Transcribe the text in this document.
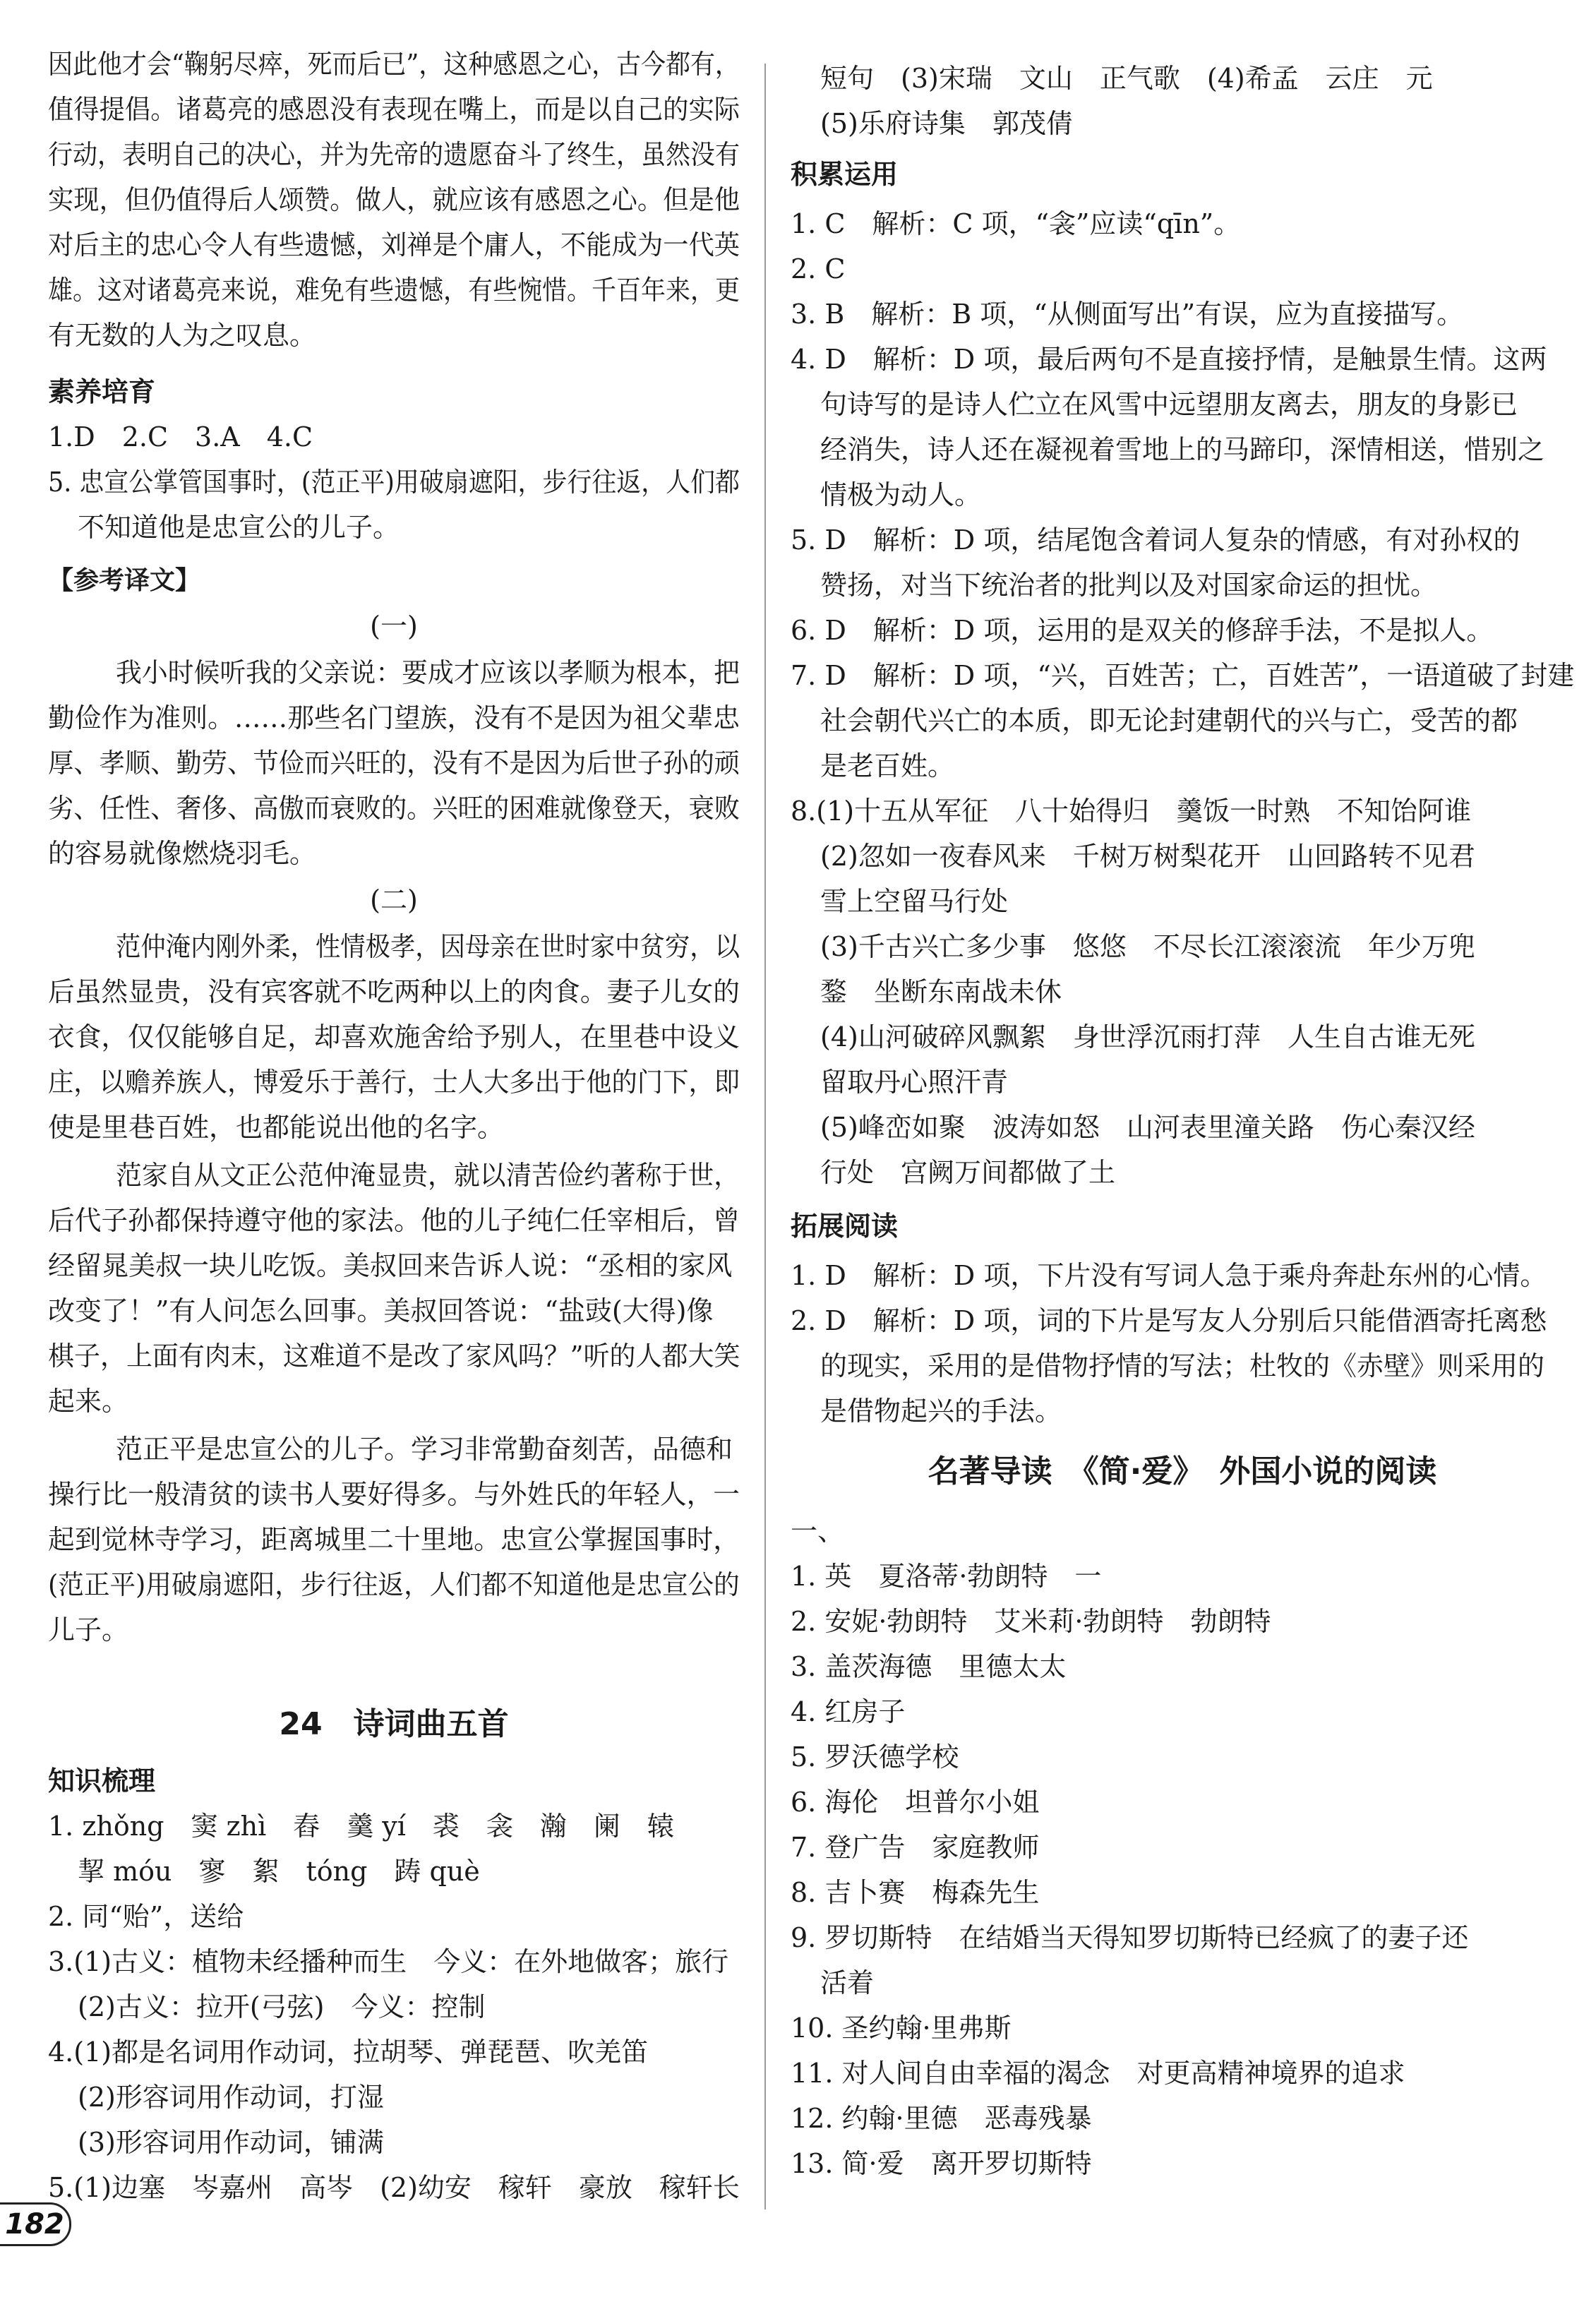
因此他才会“鞠躬尽瘁，死而后已”，这种感恩之心，古今都有，
值得提倡。诸葛亮的感恩没有表现在嘴上，而是以自己的实际
行动，表明自己的决心，并为先帝的遗愿奋斗了终生，虽然没有
实现，但仍值得后人颂赞。做人，就应该有感恩之心。但是他
对后主的忠心令人有些遗憾，刘禅是个庸人，不能成为一代英
雄。这对诸葛亮来说，难免有些遗憾，有些惋惜。千百年来，更
有无数的人为之叹息。
素养培育
1.D　2.C　3.A　4.C
5. 忠宣公掌管国事时，(范正平)用破扇遮阳，步行往返，人们都
不知道他是忠宣公的儿子。
【参考译文】
(一)
我小时候听我的父亲说：要成才应该以孝顺为根本，把
勤俭作为准则。……那些名门望族，没有不是因为祖父辈忠
厚、孝顺、勤劳、节俭而兴旺的，没有不是因为后世子孙的顽
劣、任性、奢侈、高傲而衰败的。兴旺的困难就像登天，衰败
的容易就像燃烧羽毛。
(二)
范仲淹内刚外柔，性情极孝，因母亲在世时家中贫穷，以
后虽然显贵，没有宾客就不吃两种以上的肉食。妻子儿女的
衣食，仅仅能够自足，却喜欢施舍给予别人，在里巷中设义
庄，以赡养族人，博爱乐于善行，士人大多出于他的门下，即
使是里巷百姓，也都能说出他的名字。
范家自从文正公范仲淹显贵，就以清苦俭约著称于世，
后代子孙都保持遵守他的家法。他的儿子纯仁任宰相后，曾
经留晁美叔一块儿吃饭。美叔回来告诉人说：“丞相的家风
改变了！”有人问怎么回事。美叔回答说：“盐豉(大得)像
棋子，上面有肉末，这难道不是改了家风吗？”听的人都大笑
起来。
范正平是忠宣公的儿子。学习非常勤奋刻苦，品德和
操行比一般清贫的读书人要好得多。与外姓氏的年轻人，一
起到觉林寺学习，距离城里二十里地。忠宣公掌握国事时，
(范正平)用破扇遮阳，步行往返，人们都不知道他是忠宣公的
儿子。
24　诗词曲五首
知识梳理
1. zhǒng　窦 zhì　舂　羹 yí　裘　衾　瀚　阑　辕
挈 móu　寥　絮　tóng　踌 què
2. 同“贻”，送给
3.(1)古义：植物未经播种而生　今义：在外地做客；旅行
(2)古义：拉开(弓弦)　今义：控制
4.(1)都是名词用作动词，拉胡琴、弹琵琶、吹羌笛
(2)形容词用作动词，打湿
(3)形容词用作动词，铺满
5.(1)边塞　岑嘉州　高岑　(2)幼安　稼轩　豪放　稼轩长
短句　(3)宋瑞　文山　正气歌　(4)希孟　云庄　元
(5)乐府诗集　郭茂倩
积累运用
1. C　解析：C 项，“衾”应读“qīn”。
2. C
3. B　解析：B 项，“从侧面写出”有误，应为直接描写。
4. D　解析：D 项，最后两句不是直接抒情，是触景生情。这两
句诗写的是诗人伫立在风雪中远望朋友离去，朋友的身影已
经消失，诗人还在凝视着雪地上的马蹄印，深情相送，惜别之
情极为动人。
5. D　解析：D 项，结尾饱含着词人复杂的情感，有对孙权的
赞扬，对当下统治者的批判以及对国家命运的担忧。
6. D　解析：D 项，运用的是双关的修辞手法，不是拟人。
7. D　解析：D 项，“兴，百姓苦；亡，百姓苦”，一语道破了封建
社会朝代兴亡的本质，即无论封建朝代的兴与亡，受苦的都
是老百姓。
8.(1)十五从军征　八十始得归　羹饭一时熟　不知饴阿谁
(2)忽如一夜春风来　千树万树梨花开　山回路转不见君
雪上空留马行处
(3)千古兴亡多少事　悠悠　不尽长江滚滚流　年少万兜
鍪　坐断东南战未休
(4)山河破碎风飘絮　身世浮沉雨打萍　人生自古谁无死
留取丹心照汗青
(5)峰峦如聚　波涛如怒　山河表里潼关路　伤心秦汉经
行处　宫阙万间都做了土
拓展阅读
1. D　解析：D 项，下片没有写词人急于乘舟奔赴东州的心情。
2. D　解析：D 项，词的下片是写友人分别后只能借酒寄托离愁
的现实，采用的是借物抒情的写法；杜牧的《赤壁》则采用的
是借物起兴的手法。
名著导读　《简·爱》　外国小说的阅读
一、
1. 英　夏洛蒂·勃朗特　一
2. 安妮·勃朗特　艾米莉·勃朗特　勃朗特
3. 盖茨海德　里德太太
4. 红房子
5. 罗沃德学校
6. 海伦　坦普尔小姐
7. 登广告　家庭教师
8. 吉卜赛　梅森先生
9. 罗切斯特　在结婚当天得知罗切斯特已经疯了的妻子还
活着
10. 圣约翰·里弗斯
11. 对人间自由幸福的渴念　对更高精神境界的追求
12. 约翰·里德　恶毒残暴
13. 简·爱　离开罗切斯特
182
